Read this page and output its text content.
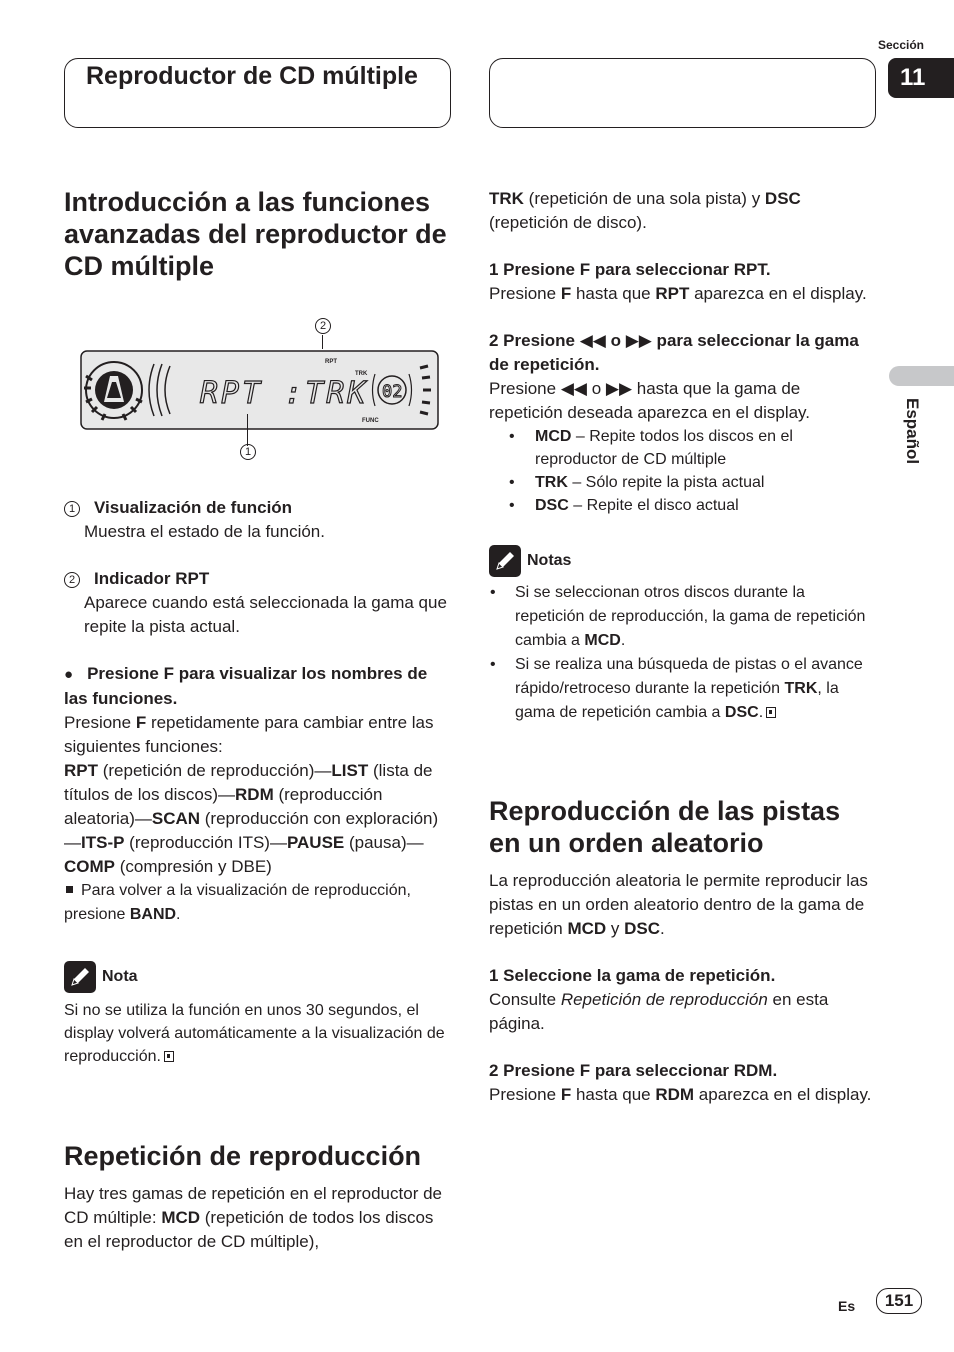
Sección
11
Reproductor de CD múltiple
Español
Introducción a las funciones avanzadas del reproductor de CD múltiple
2
RPT
TRK
FUNC
RPT :TRK 02
1
1 Visualización de función
Muestra el estado de la función.
2 Indicador RPT
Aparece cuando está seleccionada la gama que repite la pista actual.
● Presione F para visualizar los nombres de las funciones.

Presione F repetidamente para cambiar entre las siguientes funciones:

RPT (repetición de reproducción)—LIST (lista de títulos de los discos)—RDM (reproducción aleatoria)—SCAN (reproducción con exploración)—ITS-P (reproducción ITS)—PAUSE (pausa)—COMP (compresión y DBE)

Para volver a la visualización de reproducción, presione BAND.

Nota

Si no se utiliza la función en unos 30 segundos, el display volverá automáticamente a la visualización de reproducción.

Repetición de reproducción

Hay tres gamas de repetición en el reproductor de CD múltiple: MCD (repetición de todos los discos en el reproductor de CD múltiple),

TRK (repetición de una sola pista) y DSC (repetición de disco).

1 Presione F para seleccionar RPT.

Presione F hasta que RPT aparezca en el display.

2 Presione ◀◀ o ▶▶ para seleccionar la gama de repetición.

Presione ◀◀ o ▶▶ hasta que la gama de repetición deseada aparezca en el display.

• MCD – Repite todos los discos en el reproductor de CD múltiple
• TRK – Sólo repite la pista actual
• DSC – Repite el disco actual
Notas
• Si se seleccionan otros discos durante la repetición de reproducción, la gama de repetición cambia a MCD.
• Si se realiza una búsqueda de pistas o el avance rápido/retroceso durante la repetición TRK, la gama de repetición cambia a DSC.
Reproducción de las pistas en un orden aleatorio

La reproducción aleatoria le permite reproducir las pistas en un orden aleatorio dentro de la gama de repetición MCD y DSC.

1 Seleccione la gama de repetición.

Consulte Repetición de reproducción en esta página.

2 Presione F para seleccionar RDM.

Presione F hasta que RDM aparezca en el display.

Es	151
